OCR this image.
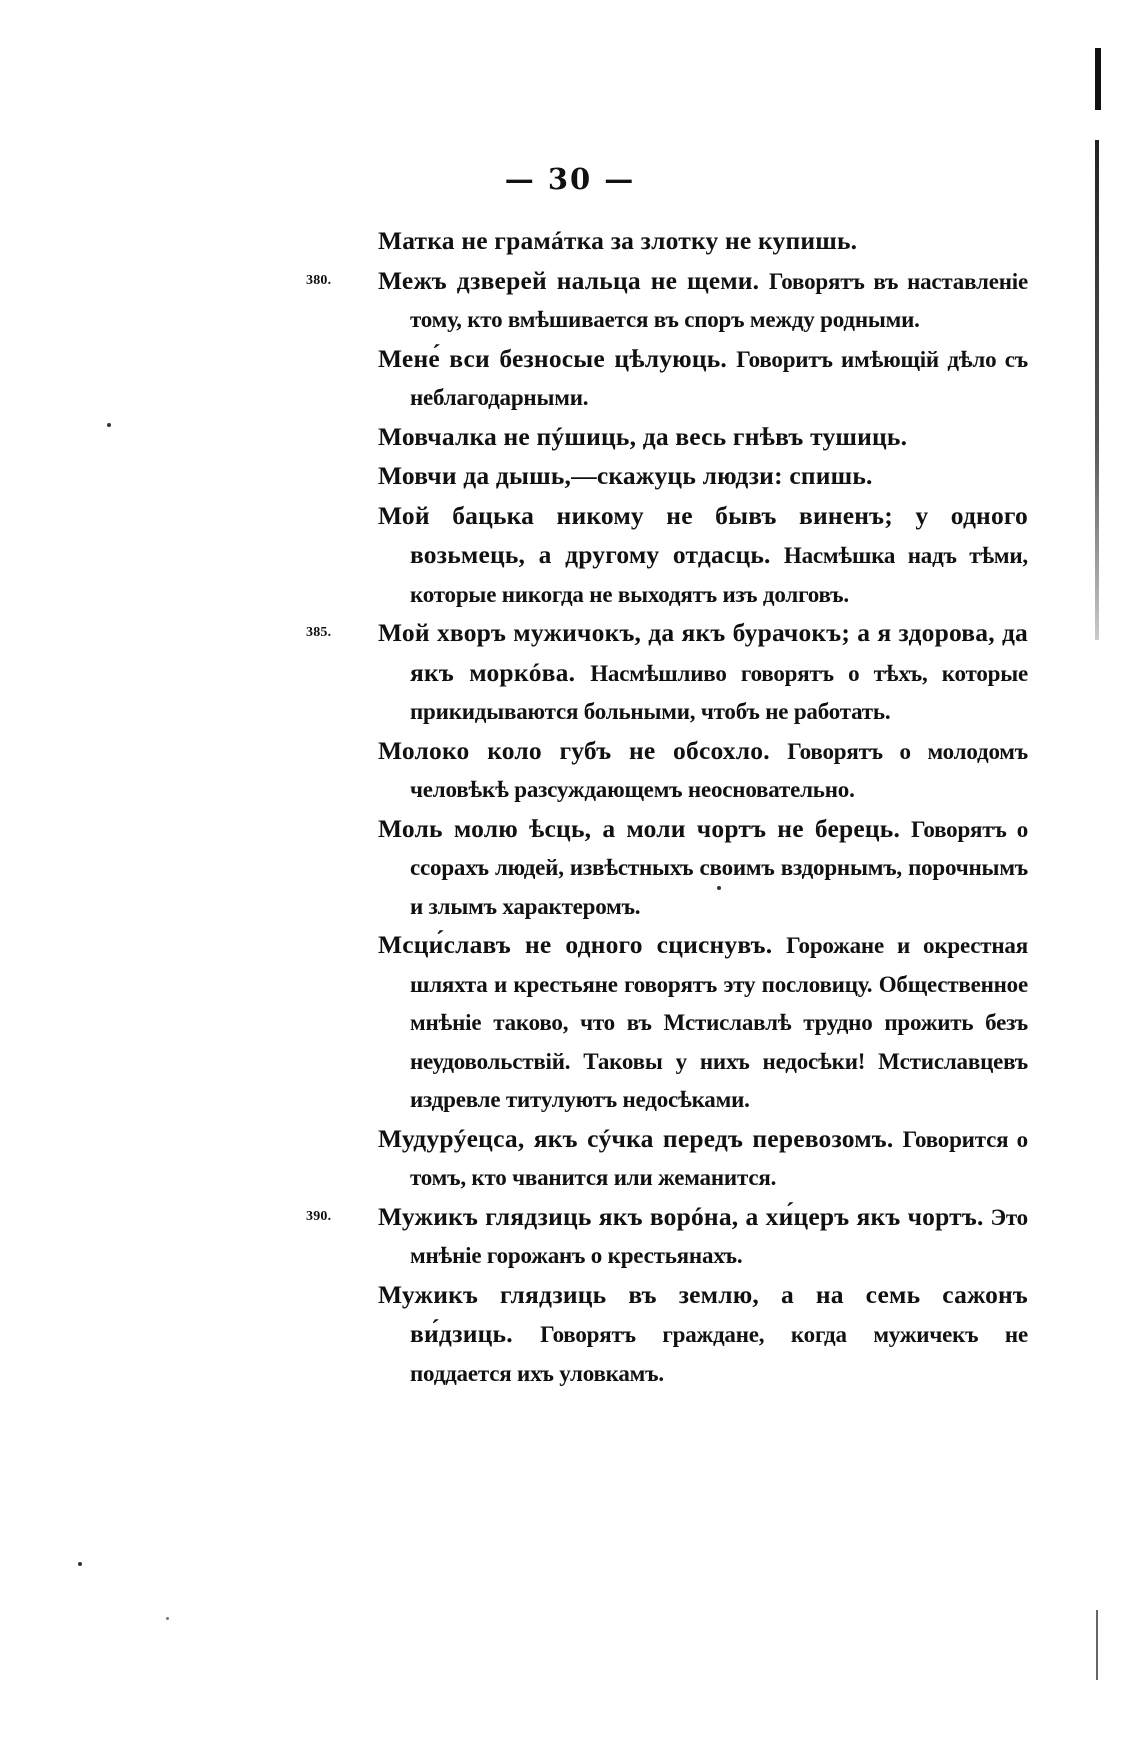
— 30 —

Матка не грамáтка за злотку не купишь.

380.	Межъ дзверей нальца не щеми. Говорятъ въ наставленіе тому, кто вмѣшивается въ споръ между родными.

Мене́ вси безносые цѣлуюць. Говоритъ имѣющій дѣло съ неблагодарными.

Мовчалка не пýшиць, да весь гнѣвъ тушиць.

Мовчи да дышь,—скажуць людзи: спишь.

Мой бацька никому не бывъ виненъ; у одного возьмець, а другому отдасць. Насмѣшка надъ тѣми, которые никогда не выходятъ изъ долговъ.

385.	Мой хворъ мужичокъ, да якъ бурачокъ; а я здорова, да якъ моркóва. Насмѣшливо говорятъ о тѣхъ, которые прикидываются больными, чтобъ не работать.

Молоко коло губъ не обсохло. Говорятъ о молодомъ человѣкѣ разсуждающемъ неосновательно.

Моль молю ѣсць, а моли чортъ не берець. Говорятъ о ссорахъ людей, извѣстныхъ своимъ вздорнымъ, порочнымъ и злымъ характеромъ.

Мсци́славъ не одного сциснувъ. Горожане и окрестная шляхта и крестьяне говорятъ эту пословицу. Общественное мнѣніе таково, что въ Мстиславлѣ трудно прожить безъ неудовольствій. Таковы у нихъ недосѣки! Мстиславцевъ издревле титулуютъ недосѣками.

Мудурýецса, якъ сýчка передъ перевозомъ. Говорится о томъ, кто чванится или жеманится.

390.	Мужикъ глядзиць якъ ворóна, а хи́церъ якъ чортъ. Это мнѣніе горожанъ о крестьянахъ.

Мужикъ глядзиць въ землю, а на семь сажонъ ви́дзиць. Говорятъ граждане, когда мужичекъ не поддается ихъ уловкамъ.
